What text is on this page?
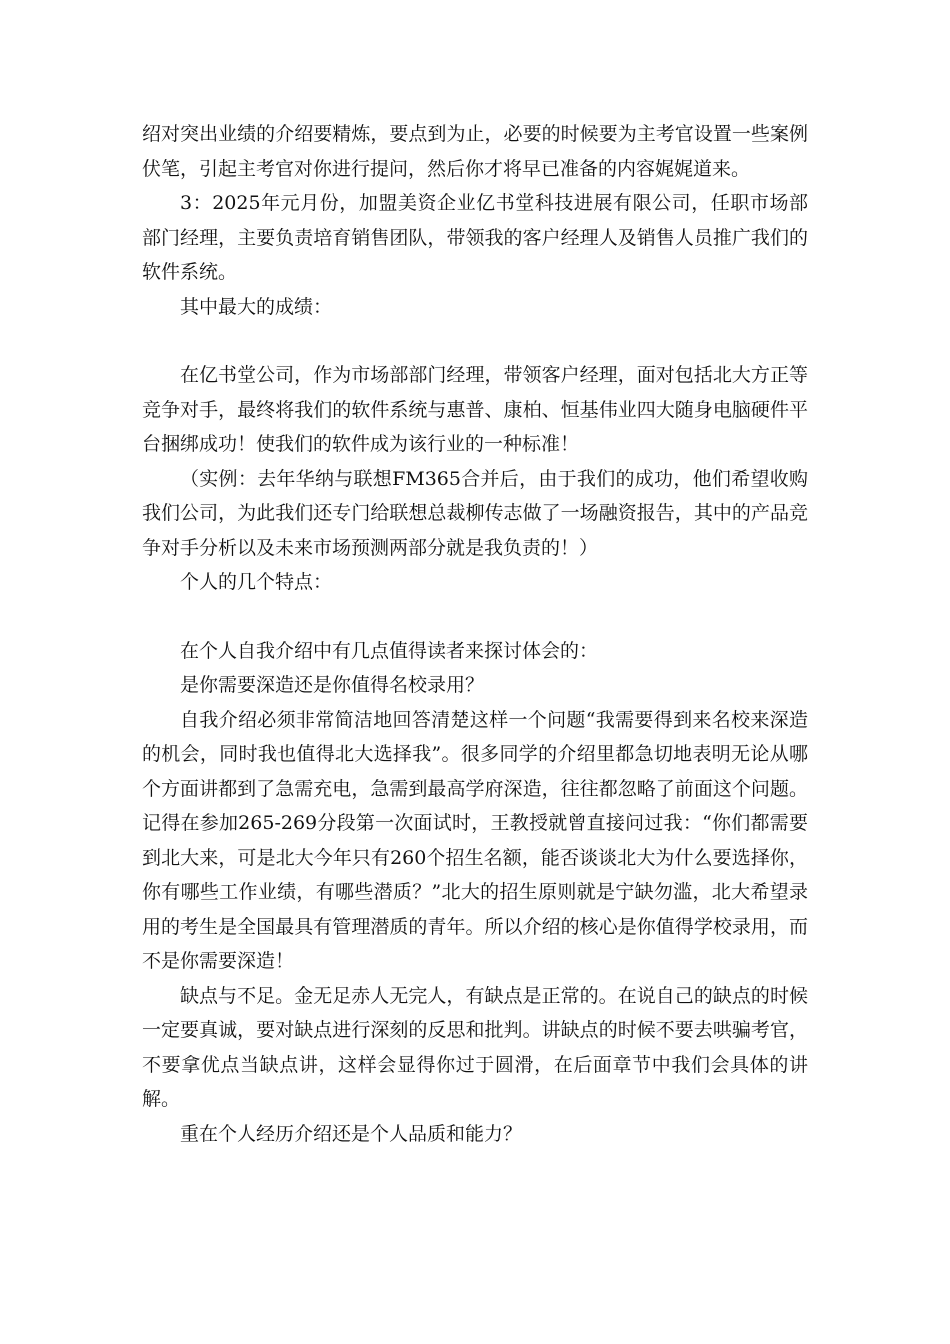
绍对突出业绩的介绍要精炼，要点到为止，必要的时候要为主考官设置一些案例伏笔，引起主考官对你进行提问，然后你才将早已准备的内容娓娓道来。

3：2025年元月份，加盟美资企业亿书堂科技进展有限公司，任职市场部部门经理，主要负责培育销售团队，带领我的客户经理人及销售人员推广我们的软件系统。

其中最大的成绩：

在亿书堂公司，作为市场部部门经理，带领客户经理，面对包括北大方正等竞争对手，最终将我们的软件系统与惠普、康柏、恒基伟业四大随身电脑硬件平台捆绑成功！使我们的软件成为该行业的一种标准！

（实例：去年华纳与联想FM365合并后，由于我们的成功，他们希望收购我们公司，为此我们还专门给联想总裁柳传志做了一场融资报告，其中的产品竞争对手分析以及未来市场预测两部分就是我负责的！）

个人的几个特点：

在个人自我介绍中有几点值得读者来探讨体会的：

是你需要深造还是你值得名校录用？

自我介绍必须非常简洁地回答清楚这样一个问题“我需要得到来名校来深造的机会，同时我也值得北大选择我”。很多同学的介绍里都急切地表明无论从哪个方面讲都到了急需充电，急需到最高学府深造，往往都忽略了前面这个问题。记得在参加265-269分段第一次面试时，王教授就曾直接问过我：“你们都需要到北大来，可是北大今年只有260个招生名额，能否谈谈北大为什么要选择你，你有哪些工作业绩，有哪些潜质？”北大的招生原则就是宁缺勿滥，北大希望录用的考生是全国最具有管理潜质的青年。所以介绍的核心是你值得学校录用，而不是你需要深造！

缺点与不足。金无足赤人无完人，有缺点是正常的。在说自己的缺点的时候一定要真诚，要对缺点进行深刻的反思和批判。讲缺点的时候不要去哄骗考官，不要拿优点当缺点讲，这样会显得你过于圆滑，在后面章节中我们会具体的讲解。

重在个人经历介绍还是个人品质和能力？
